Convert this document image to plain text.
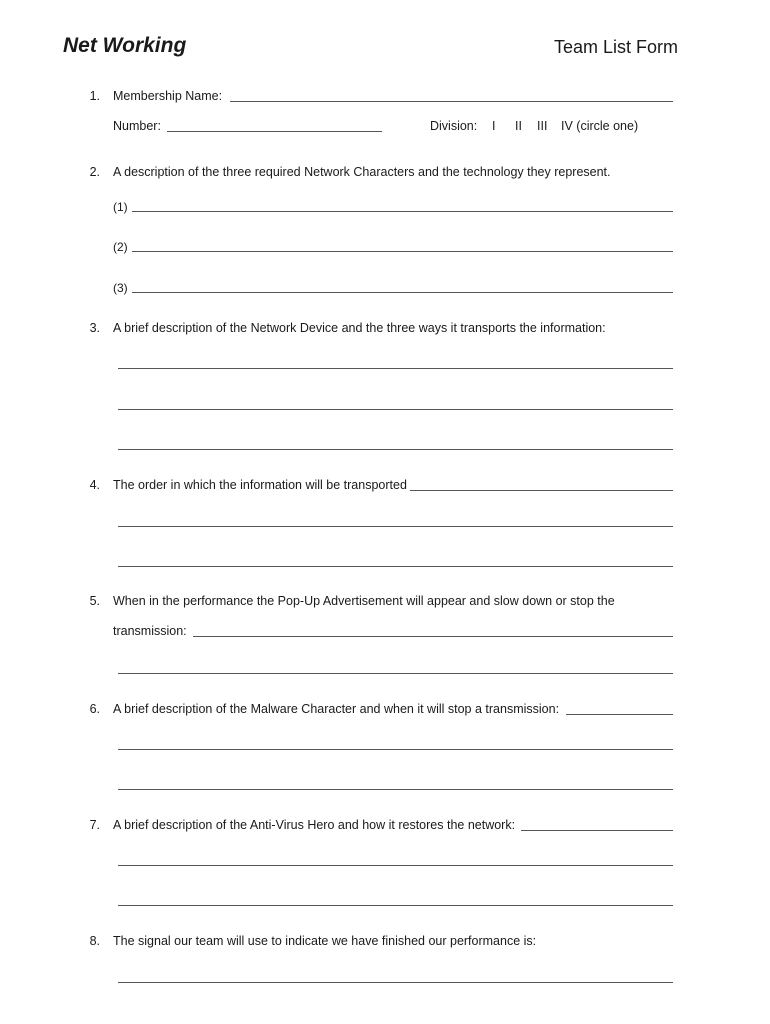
Net Working	Team List Form
1. Membership Name:
Number:	Division: I II III IV (circle one)
2. A description of the three required Network Characters and the technology they represent.
(1)
(2)
(3)
3. A brief description of the Network Device and the three ways it transports the information:
4. The order in which the information will be transported
5. When in the performance the Pop-Up Advertisement will appear and slow down or stop the
transmission:
6. A brief description of the Malware Character and when it will stop a transmission:
7. A brief description of the Anti-Virus Hero and how it restores the network:
8. The signal our team will use to indicate we have finished our performance is:
